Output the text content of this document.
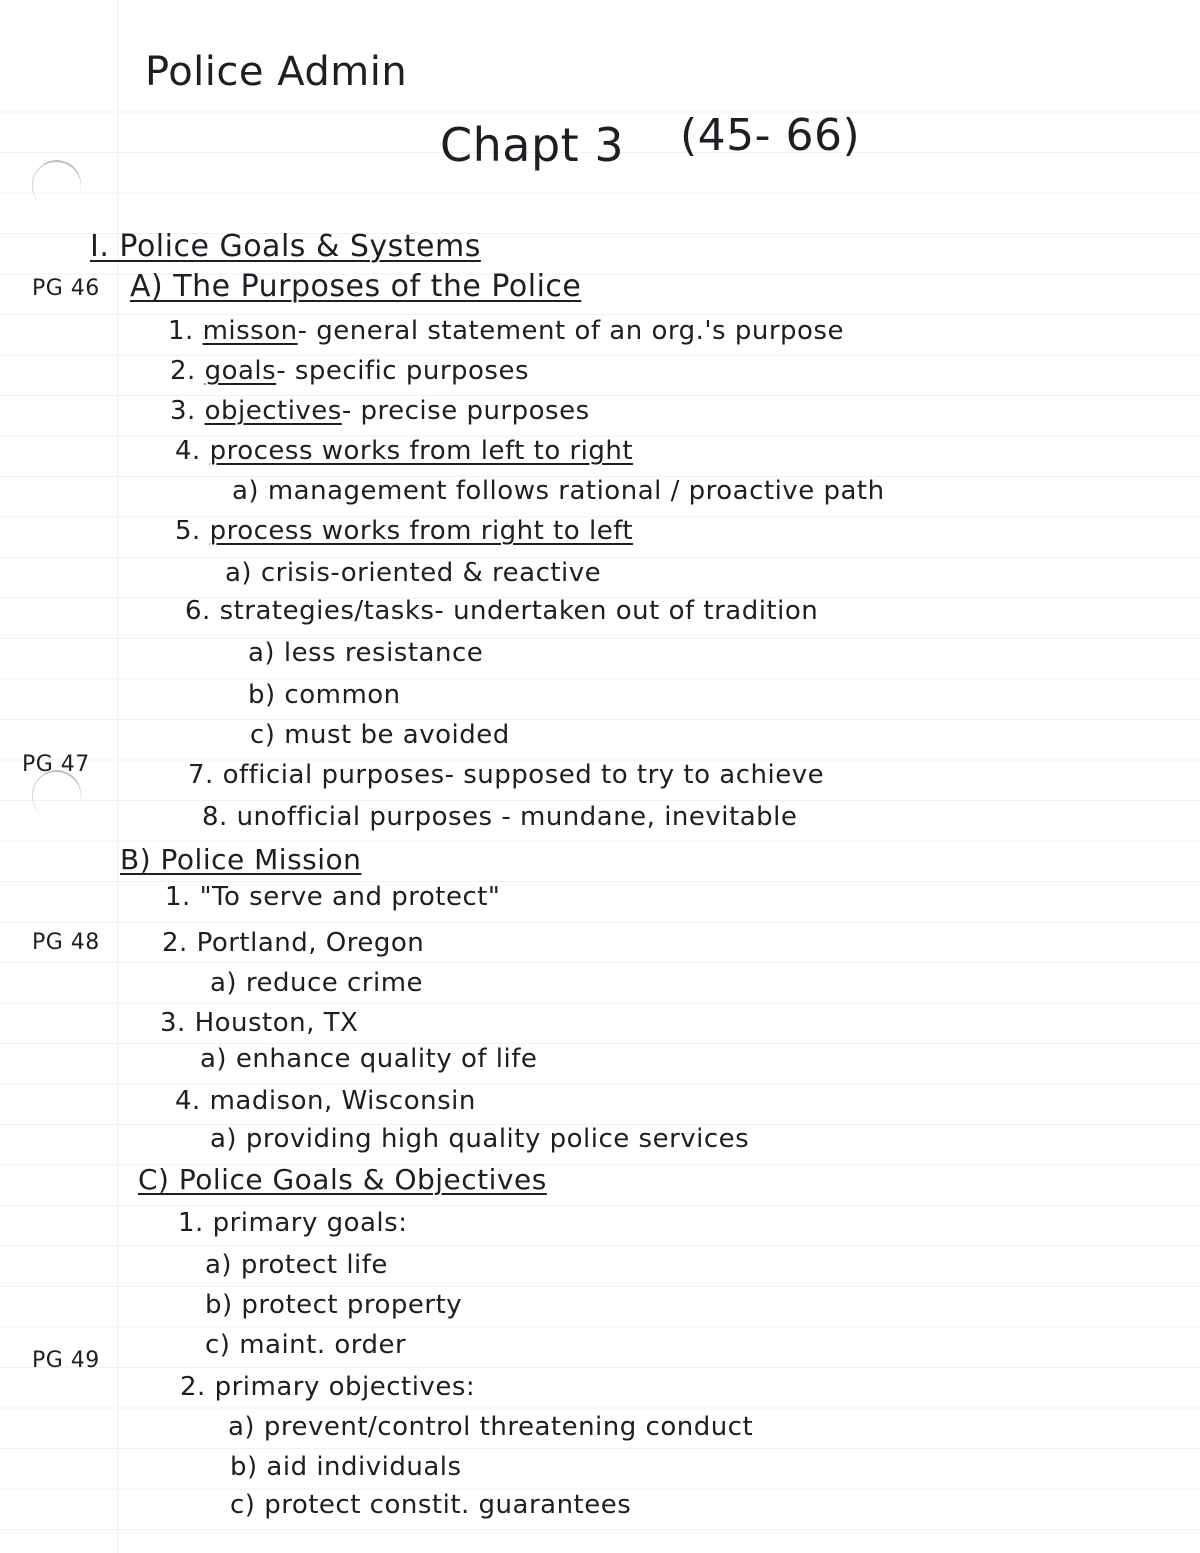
Police Admin
Chapt 3 (45- 66)
PG 46
PG 47
PG 48
PG 49
I. Police Goals & Systems
A) The Purposes of the Police
1. misson- general statement of an org.'s purpose
2. goals- specific purposes
3. objectives- precise purposes
4. process works from left to right
a) management follows rational / proactive path
5. process works from right to left
a) crisis-oriented & reactive
6. strategies/tasks- undertaken out of tradition
a) less resistance
b) common
c) must be avoided
7. official purposes- supposed to try to achieve
8. unofficial purposes - mundane, inevitable
B) Police Mission
1. "To serve and protect"
2. Portland, Oregon
a) reduce crime
3. Houston, TX
a) enhance quality of life
4. madison, Wisconsin
a) providing high quality police services
C) Police Goals & Objectives
1. primary goals:
a) protect life
b) protect property
c) maint. order
2. primary objectives:
a) prevent/control threatening conduct
b) aid individuals
c) protect constit. guarantees
